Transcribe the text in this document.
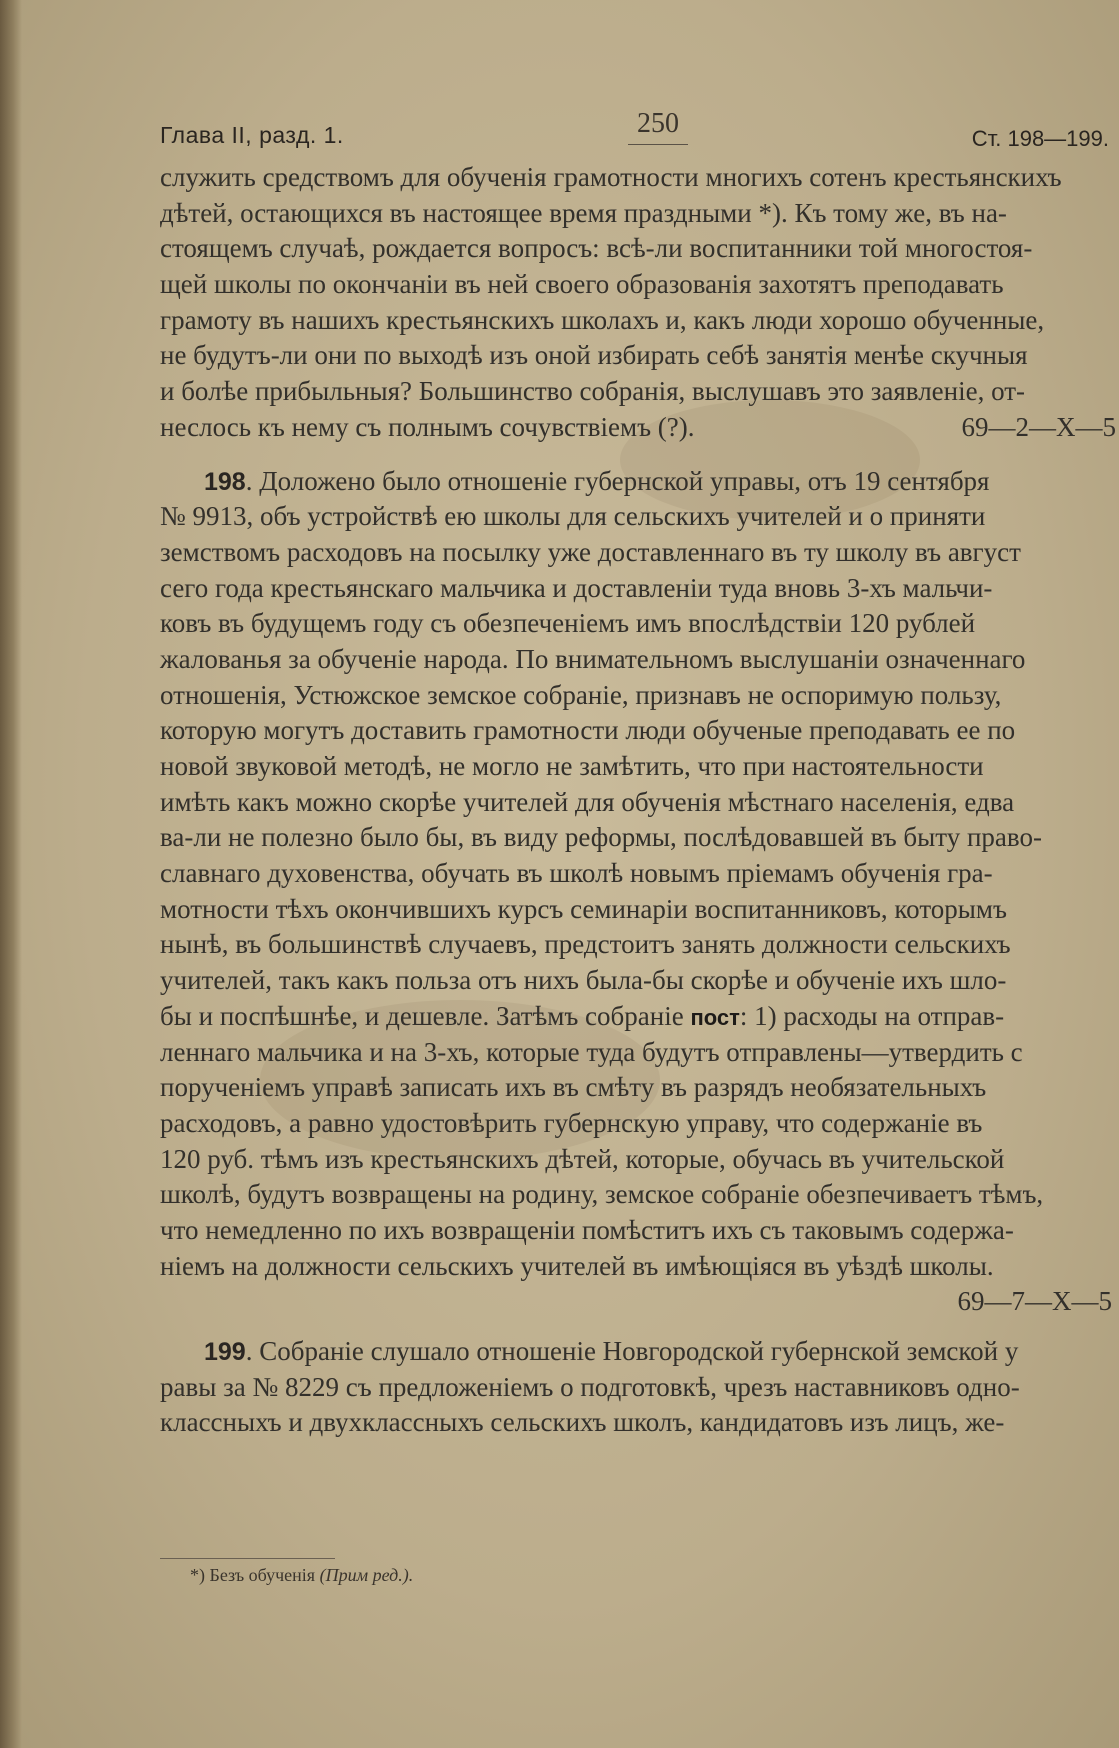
Глава II, разд. 1.	250	Ст. 198—199.
служить средствомъ для обученія грамотности многихъ сотенъ крестьянскихъ
дѣтей, остающихся въ настоящее время праздными *). Къ тому же, въ на-
стоящемъ случаѣ, рождается вопросъ: всѣ-ли воспитанники той многостоя-
щей школы по окончаніи въ ней своего образованія захотятъ преподавать
грамоту въ нашихъ крестьянскихъ школахъ и, какъ люди хорошо обученные,
не будутъ-ли они по выходѣ изъ оной избирать себѣ занятія менѣе скучныя
и болѣе прибыльныя? Большинство собранія, выслушавъ это заявленіе, от-
неслось къ нему съ полнымъ сочувствіемъ (?).	69—2—X—5
198. Доложено было отношеніе губернской управы, отъ 19 сентября
№ 9913, объ устройствѣ ею школы для сельскихъ учителей и о приняти
земствомъ расходовъ на посылку уже доставленнаго въ ту школу въ август
сего года крестьянскаго мальчика и доставленіи туда вновь 3-хъ мальчи-
ковъ въ будущемъ году съ обезпеченіемъ имъ впослѣдствіи 120 рублей
жалованья за обученіе народа. По внимательномъ выслушаніи означеннаго
отношенія, Устюжское земское собраніе, признавъ не оспоримую пользу,
которую могутъ доставить грамотности люди обученые преподавать ее по
новой звуковой методѣ, не могло не замѣтить, что при настоятельности
имѣть какъ можно скорѣе учителей для обученія мѣстнаго населенія, едва
ва-ли не полезно было бы, въ виду реформы, послѣдовавшей въ быту право-
славнаго духовенства, обучать въ школѣ новымъ пріемамъ обученія гра-
мотности тѣхъ окончившихъ курсъ семинаріи воспитанниковъ, которымъ
нынѣ, въ большинствѣ случаевъ, предстоитъ занять должности сельскихъ
учителей, такъ какъ польза отъ нихъ была-бы скорѣе и обученіе ихъ шло-
бы и поспѣшнѣе, и дешевле. Затѣмъ собраніе пост: 1) расходы на отправ-
леннаго мальчика и на 3-хъ, которые туда будутъ отправлены—утвердить с
порученіемъ управѣ записать ихъ въ смѣту въ разрядъ необязательныхъ
расходовъ, а равно удостовѣрить губернскую управу, что содержаніе въ
120 руб. тѣмъ изъ крестьянскихъ дѣтей, которые, обучась въ учительской
школѣ, будутъ возвращены на родину, земское собраніе обезпечиваетъ тѣмъ,
что немедленно по ихъ возвращеніи помѣститъ ихъ съ таковымъ содержа-
ніемъ на должности сельскихъ учителей въ имѣющіяся въ уѣздѣ школы.
69—7—X—5
199. Собраніе слушало отношеніе Новгородской губернской земской у
равы за № 8229 съ предложеніемъ о подготовкѣ, чрезъ наставниковъ одно-
классныхъ и двухклассныхъ сельскихъ школъ, кандидатовъ изъ лицъ, же-
*) Безъ обученія (Прим ред.).
